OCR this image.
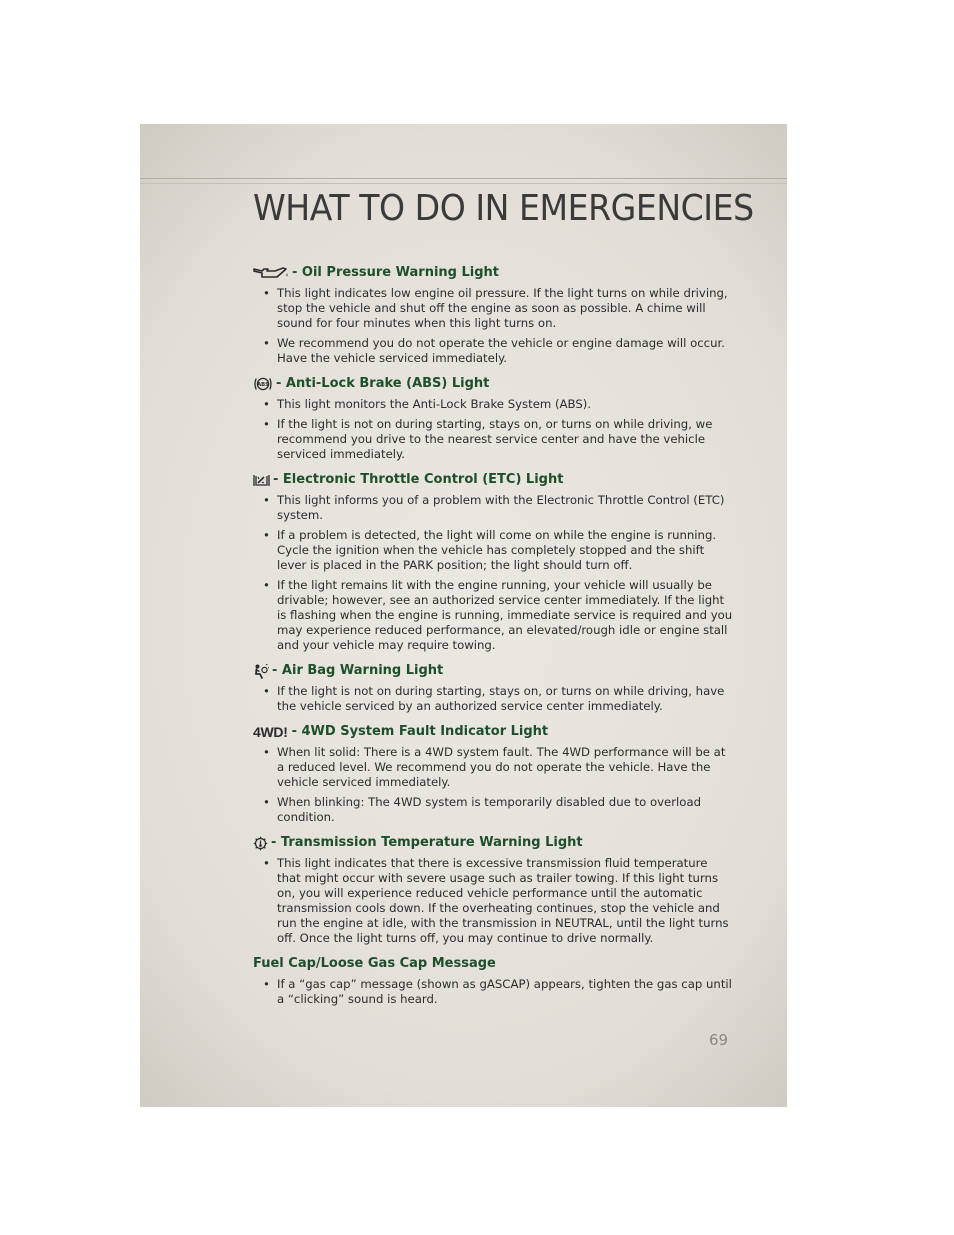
WHAT TO DO IN EMERGENCIES
- Oil Pressure Warning Light
• This light indicates low engine oil pressure. If the light turns on while driving, stop the vehicle and shut off the engine as soon as possible. A chime will sound for four minutes when this light turns on.
• We recommend you do not operate the vehicle or engine damage will occur. Have the vehicle serviced immediately.
ABS - Anti-Lock Brake (ABS) Light
• This light monitors the Anti-Lock Brake System (ABS).
• If the light is not on during starting, stays on, or turns on while driving, we recommend you drive to the nearest service center and have the vehicle serviced immediately.
- Electronic Throttle Control (ETC) Light
• This light informs you of a problem with the Electronic Throttle Control (ETC) system.
• If a problem is detected, the light will come on while the engine is running. Cycle the ignition when the vehicle has completely stopped and the shift lever is placed in the PARK position; the light should turn off.
• If the light remains lit with the engine running, your vehicle will usually be drivable; however, see an authorized service center immediately. If the light is flashing when the engine is running, immediate service is required and you may experience reduced performance, an elevated/rough idle or engine stall and your vehicle may require towing.
- Air Bag Warning Light
• If the light is not on during starting, stays on, or turns on while driving, have the vehicle serviced by an authorized service center immediately.
4WD! - 4WD System Fault Indicator Light
• When lit solid: There is a 4WD system fault. The 4WD performance will be at a reduced level. We recommend you do not operate the vehicle. Have the vehicle serviced immediately.
• When blinking: The 4WD system is temporarily disabled due to overload condition.
- Transmission Temperature Warning Light
• This light indicates that there is excessive transmission fluid temperature that might occur with severe usage such as trailer towing. If this light turns on, you will experience reduced vehicle performance until the automatic transmission cools down. If the overheating continues, stop the vehicle and run the engine at idle, with the transmission in NEUTRAL, until the light turns off. Once the light turns off, you may continue to drive normally.
Fuel Cap/Loose Gas Cap Message
• If a “gas cap” message (shown as gASCAP) appears, tighten the gas cap until a “clicking” sound is heard.
69
